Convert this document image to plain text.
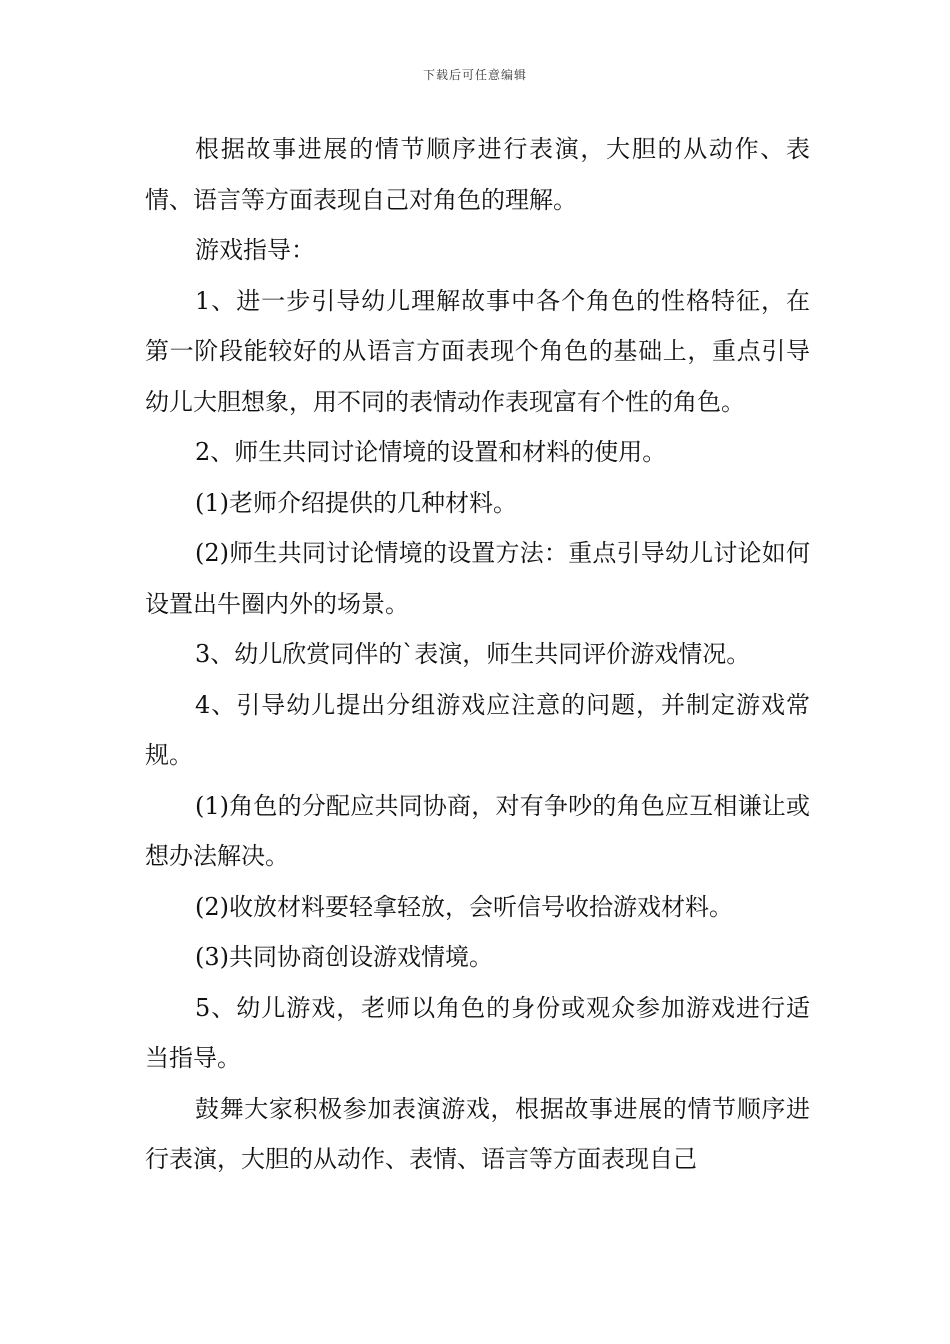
下载后可任意编辑

根据故事进展的情节顺序进行表演，大胆的从动作、表情、语言等方面表现自己对角色的理解。

游戏指导：

1、进一步引导幼儿理解故事中各个角色的性格特征，在第一阶段能较好的从语言方面表现个角色的基础上，重点引导幼儿大胆想象，用不同的表情动作表现富有个性的角色。

2、师生共同讨论情境的设置和材料的使用。

(1)老师介绍提供的几种材料。

(2)师生共同讨论情境的设置方法：重点引导幼儿讨论如何设置出牛圈内外的场景。

3、幼儿欣赏同伴的`表演，师生共同评价游戏情况。

4、引导幼儿提出分组游戏应注意的问题，并制定游戏常规。

(1)角色的分配应共同协商，对有争吵的角色应互相谦让或想办法解决。

(2)收放材料要轻拿轻放，会听信号收拾游戏材料。

(3)共同协商创设游戏情境。

5、幼儿游戏，老师以角色的身份或观众参加游戏进行适当指导。

鼓舞大家积极参加表演游戏，根据故事进展的情节顺序进行表演，大胆的从动作、表情、语言等方面表现自己
